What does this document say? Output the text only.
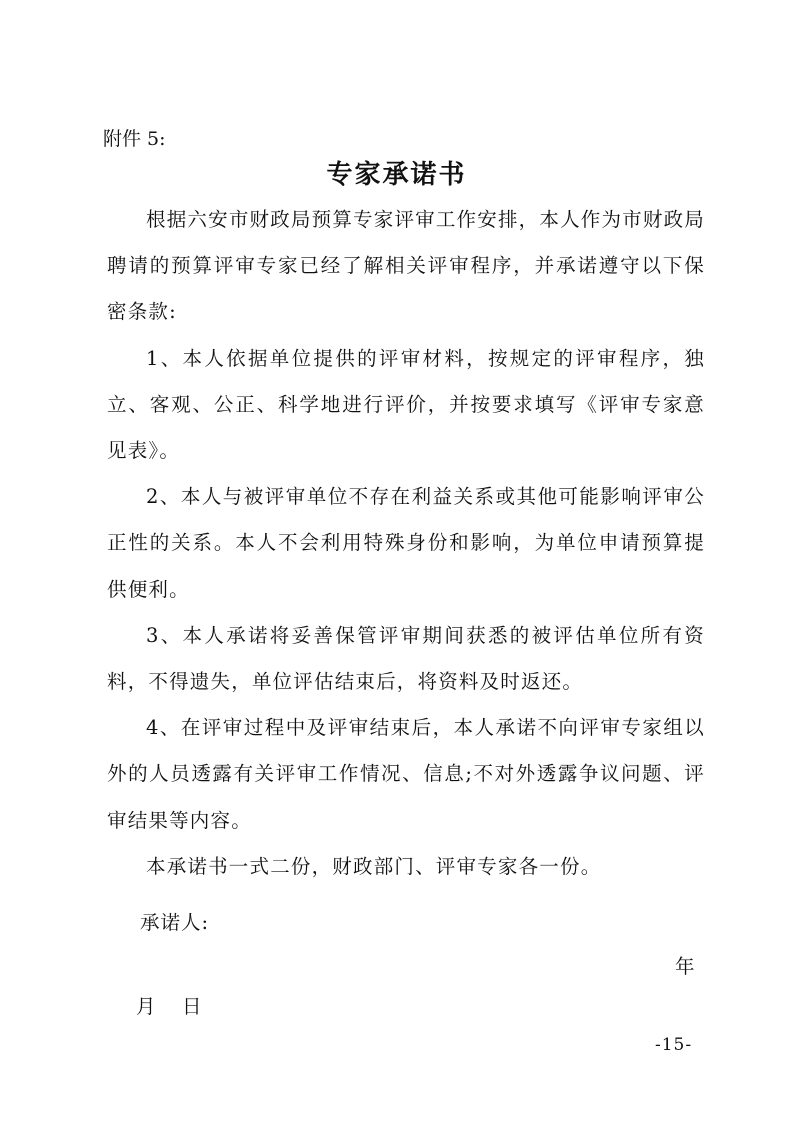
附件 5:
专家承诺书

根据六安市财政局预算专家评审工作安排，本人作为市财政局聘请的预算评审专家已经了解相关评审程序，并承诺遵守以下保密条款:

1、本人依据单位提供的评审材料，按规定的评审程序，独立、客观、公正、科学地进行评价，并按要求填写《评审专家意见表》。

2、本人与被评审单位不存在利益关系或其他可能影响评审公正性的关系。本人不会利用特殊身份和影响，为单位申请预算提供便利。

3、本人承诺将妥善保管评审期间获悉的被评估单位所有资料，不得遗失，单位评估结束后，将资料及时返还。

4、在评审过程中及评审结束后，本人承诺不向评审专家组以外的人员透露有关评审工作情况、信息;不对外透露争议问题、评审结果等内容。

本承诺书一式二份，财政部门、评审专家各一份。

承诺人:
年
月 日
-15-
